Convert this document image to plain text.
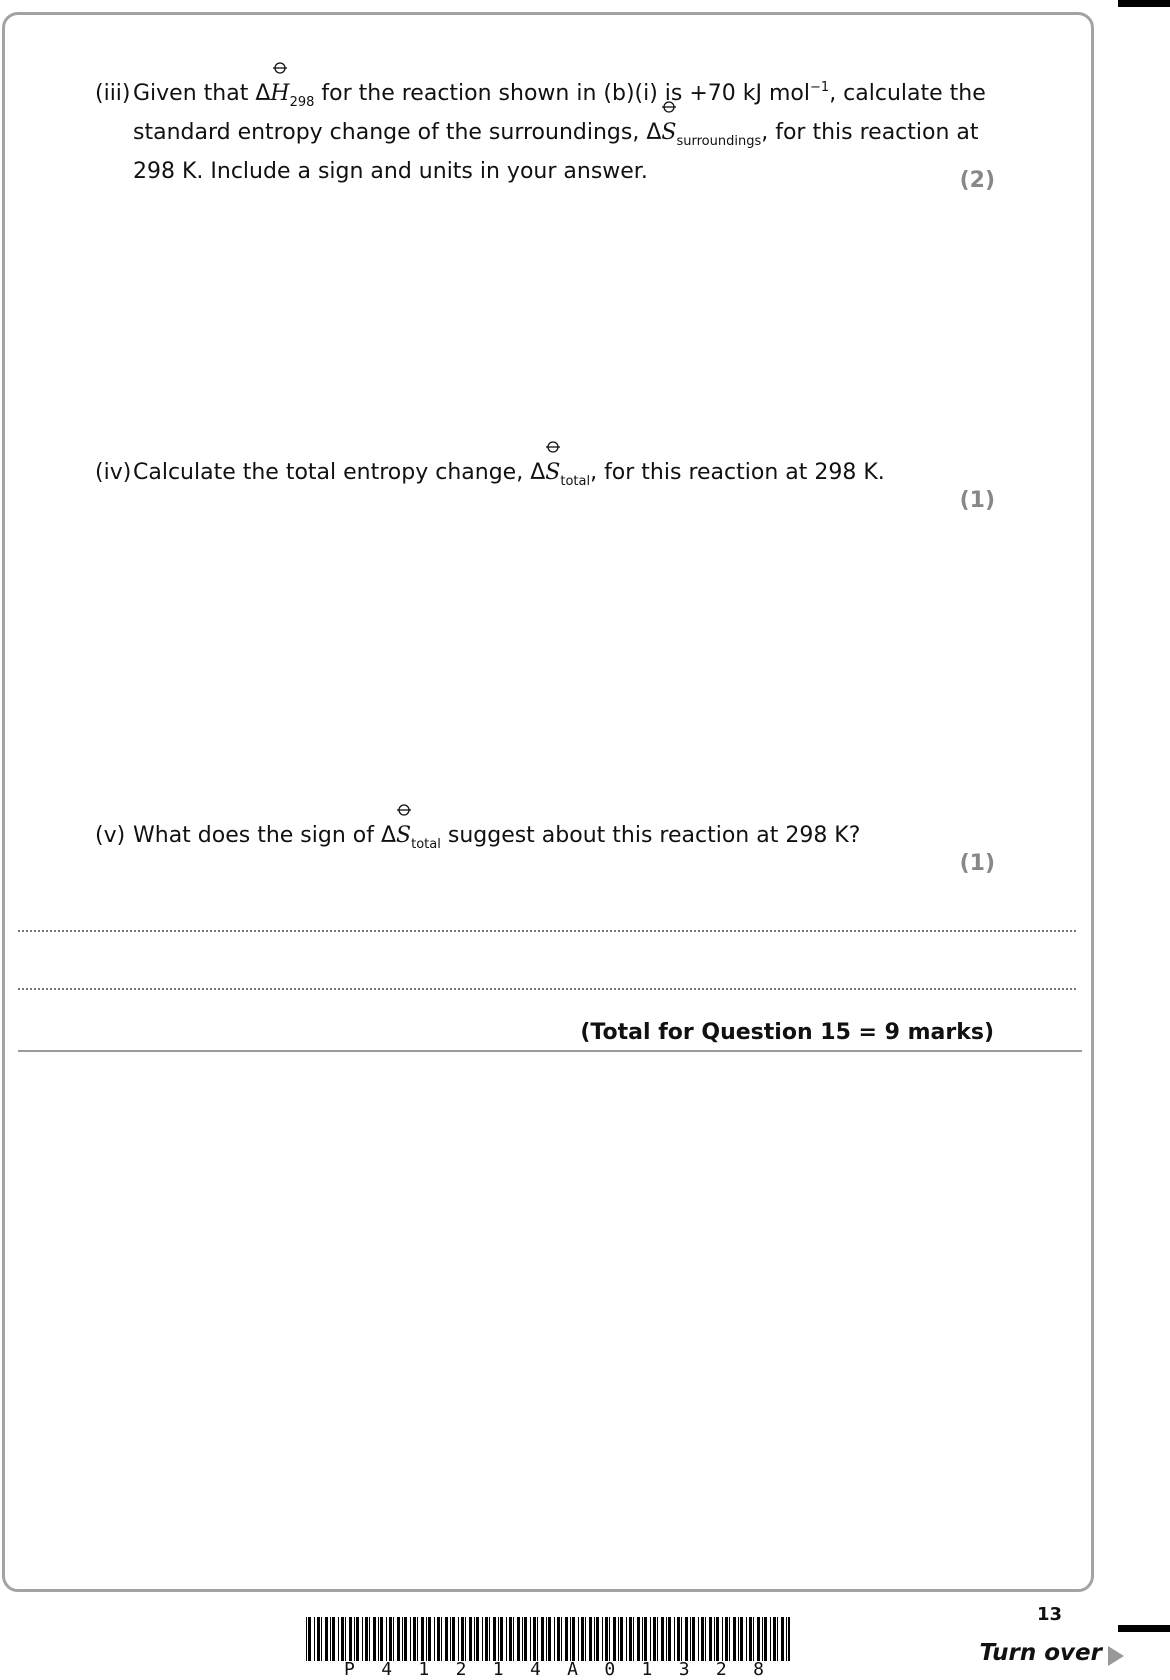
(iii) Given that ΔH
$_{298}$ for the reaction shown in (b)(i) is +70 kJ mol$^{-1}$, calculate the
standard entropy change of the surroundings, ΔS
$_{surroundings}$, for this reaction at
298 K. Include a sign and units in your answer.	(2)
(iv)Calculate the total entropy change, ΔS
$_{total}$, for this reaction at 298 K.
(1)
(v) What does the sign of ΔS
$_{total}$ suggest about this reaction at 298 K?
(1)
(Total for Question 15 = 9 marks)
P 4 1 2 1 4 A 0 1 3 2 8
13
Turn over
